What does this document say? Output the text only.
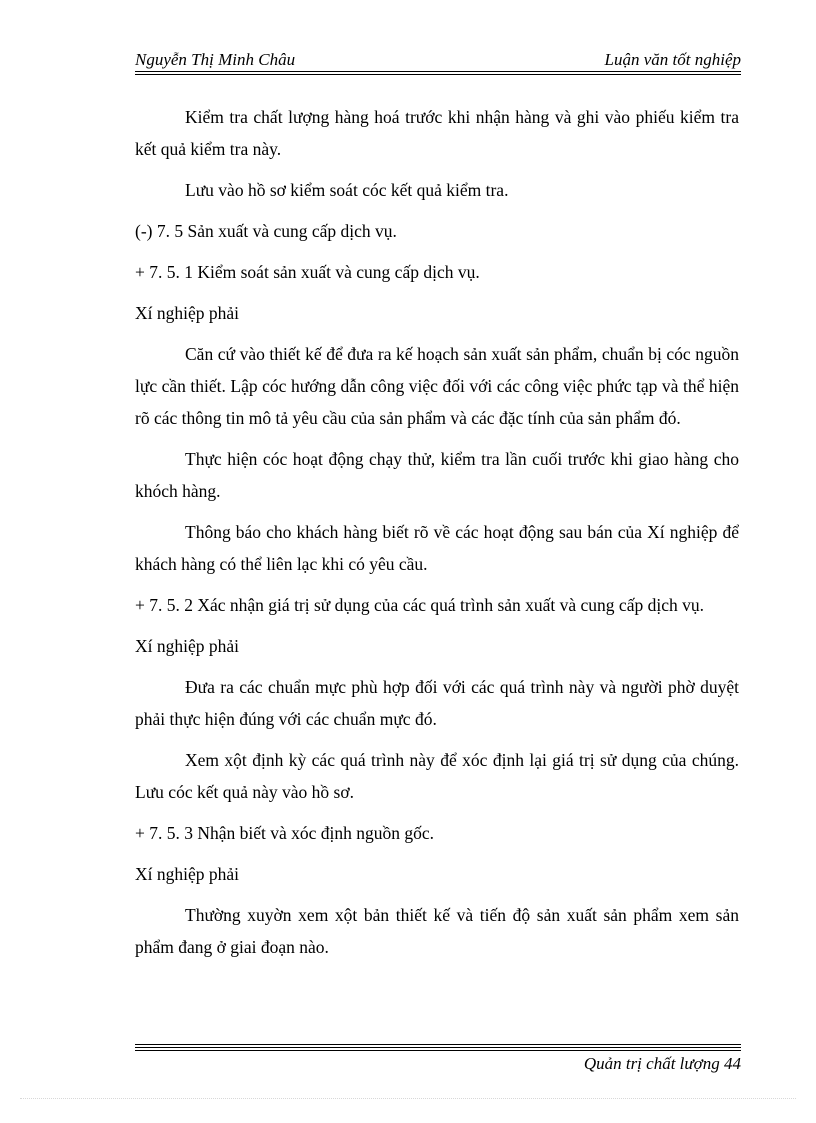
Nguyễn Thị Minh Châu	Luận văn tốt nghiệp

Kiểm tra chất lượng hàng hoá trước khi nhận hàng và ghi vào phiếu kiểm tra kết quả kiểm tra này.

Lưu vào hồ sơ kiểm soát cóc kết quả kiểm tra.

(-) 7. 5 Sản xuất và cung cấp dịch vụ.

+ 7. 5. 1 Kiểm soát sản xuất và cung cấp dịch vụ.

Xí nghiệp phải

Căn cứ vào thiết kế để đưa ra kế hoạch sản xuất sản phẩm, chuẩn bị cóc nguồn lực cần thiết. Lập cóc hướng dẫn công việc đối với các công việc phức tạp và thể hiện rõ các thông tin mô tả yêu cầu của sản phẩm và các đặc tính của sản phẩm đó.

Thực hiện cóc hoạt động chạy thử, kiểm tra lần cuối trước khi giao hàng cho khóch hàng.

Thông báo cho khách hàng biết rõ về các hoạt động sau bán của Xí nghiệp để khách hàng có thể liên lạc khi có yêu cầu.

+ 7. 5. 2 Xác nhận giá trị sử dụng của các quá trình sản xuất và cung cấp dịch vụ.

Xí nghiệp phải

Đưa ra các chuẩn mực phù hợp đối với các quá trình này và người phờ duyệt phải thực hiện đúng với các chuẩn mực đó.

Xem xột định kỳ các quá trình này để xóc định lại giá trị sử dụng của chúng. Lưu cóc kết quả này vào hồ sơ.

+ 7. 5. 3 Nhận biết và xóc định nguồn gốc.

Xí nghiệp phải

Thường xuyờn xem xột bản thiết kế và tiến độ sản xuất sản phẩm xem sản phẩm đang ở giai đoạn nào.

Quản trị chất lượng 44
